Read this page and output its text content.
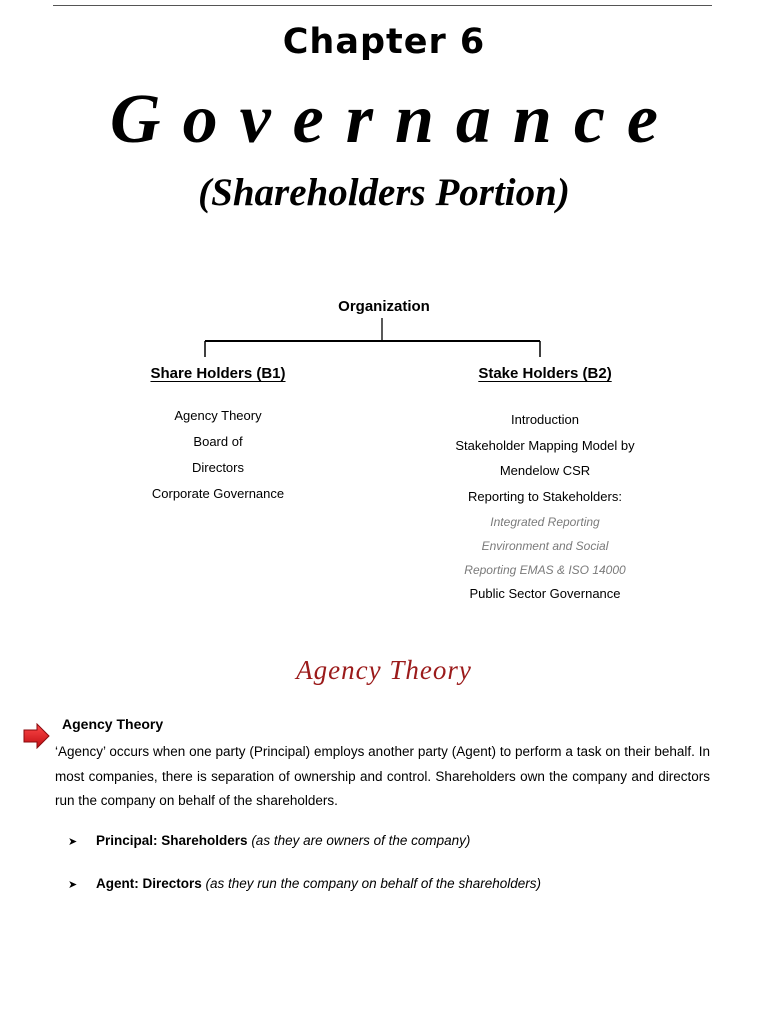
Chapter 6
Governance
(Shareholders Portion)
Organization
Share Holders (B1)	Stake Holders (B2)
Agency Theory
Board of
Directors
Corporate Governance
Introduction
Stakeholder Mapping Model by
Mendelow CSR
Reporting to Stakeholders:
Integrated Reporting
Environment and Social
Reporting EMAS & ISO 14000
Public Sector Governance
Agency Theory
Agency Theory
‘Agency’ occurs when one party (Principal) employs another party (Agent) to perform a task on their behalf. In most companies, there is separation of ownership and control. Shareholders own the company and directors run the company on behalf of the shareholders.
➤ Principal: Shareholders (as they are owners of the company)
➤ Agent: Directors (as they run the company on behalf of the shareholders)
